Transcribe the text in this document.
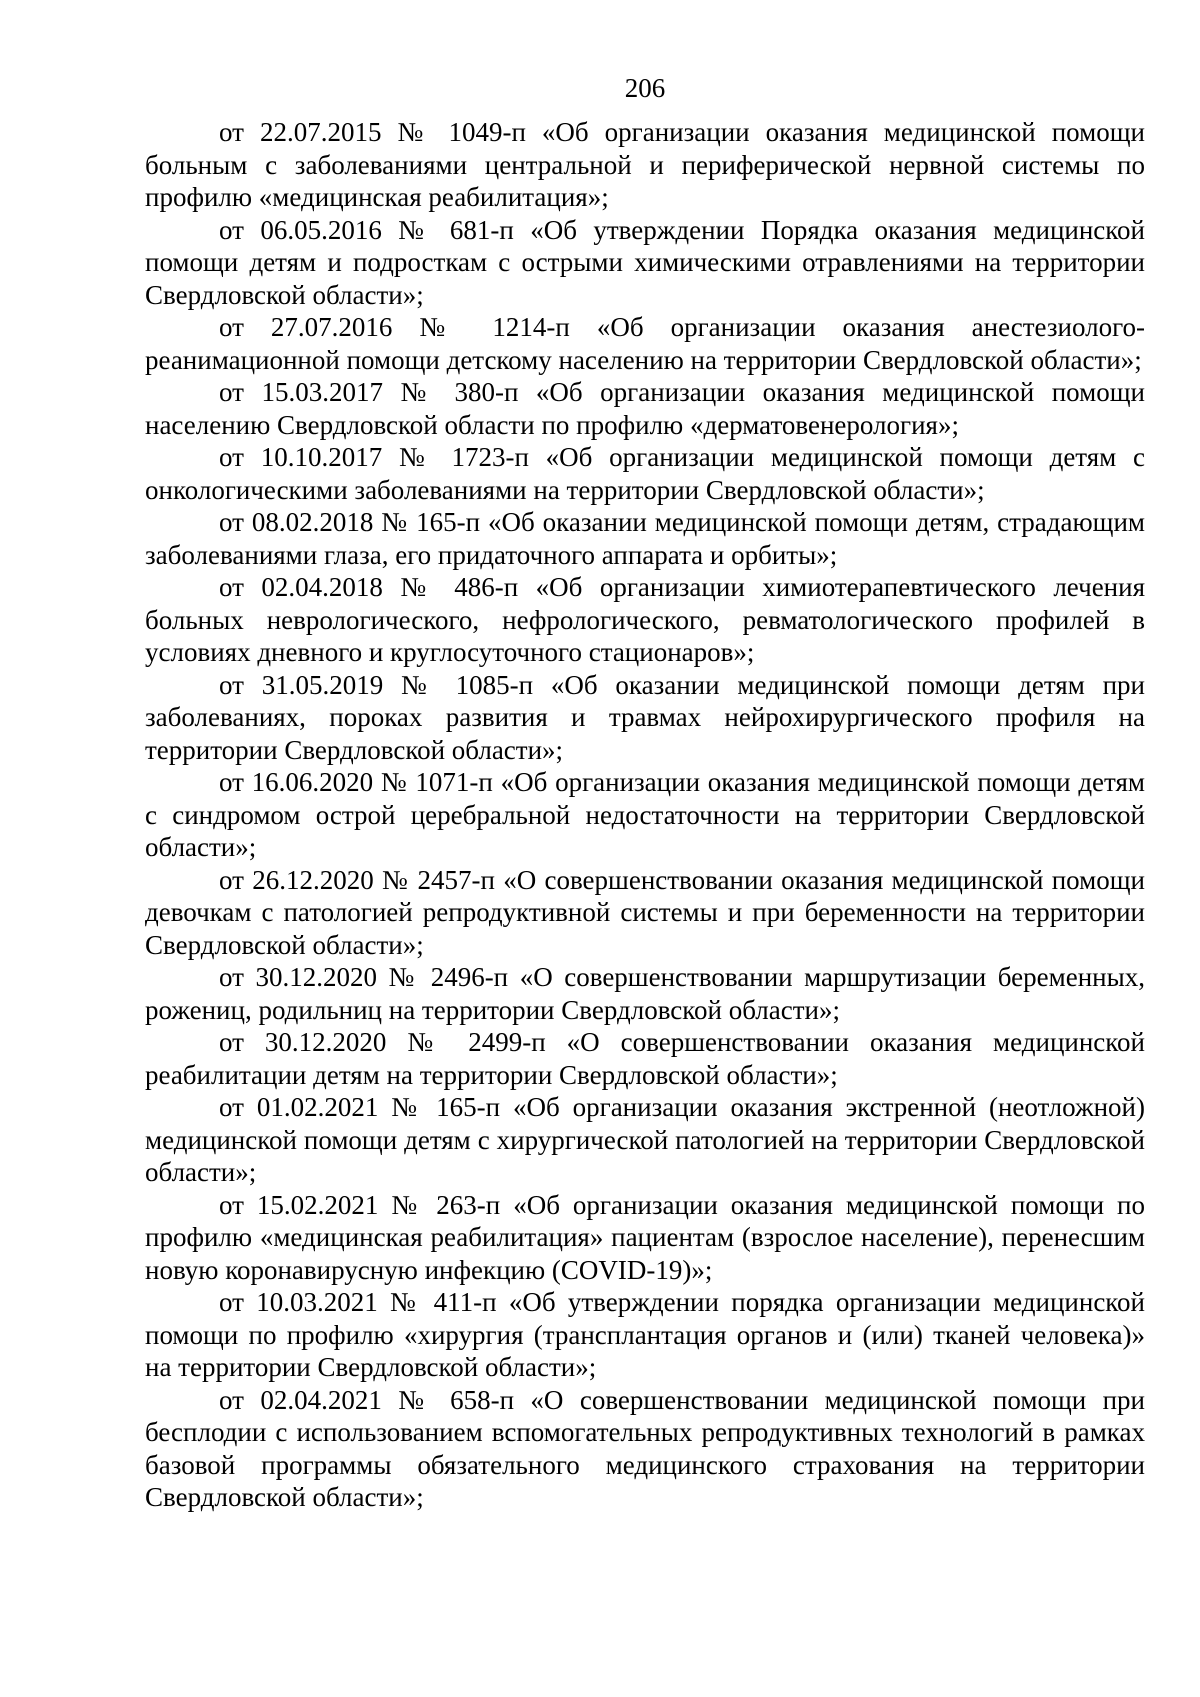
206

от 22.07.2015 № 1049-п «Об организации оказания медицинской помощи больным с заболеваниями центральной и периферической нервной системы по профилю «медицинская реабилитация»;

от 06.05.2016 № 681-п «Об утверждении Порядка оказания медицинской помощи детям и подросткам с острыми химическими отравлениями на территории Свердловской области»;

от 27.07.2016 № 1214-п «Об организации оказания анестезиолого-реанимационной помощи детскому населению на территории Свердловской области»;

от 15.03.2017 № 380-п «Об организации оказания медицинской помощи населению Свердловской области по профилю «дерматовенерология»;

от 10.10.2017 № 1723-п «Об организации медицинской помощи детям с онкологическими заболеваниями на территории Свердловской области»;

от 08.02.2018 № 165-п «Об оказании медицинской помощи детям, страдающим заболеваниями глаза, его придаточного аппарата и орбиты»;

от 02.04.2018 № 486-п «Об организации химиотерапевтического лечения больных неврологического, нефрологического, ревматологического профилей в условиях дневного и круглосуточного стационаров»;

от 31.05.2019 № 1085-п «Об оказании медицинской помощи детям при заболеваниях, пороках развития и травмах нейрохирургического профиля на территории Свердловской области»;

от 16.06.2020 № 1071-п «Об организации оказания медицинской помощи детям с синдромом острой церебральной недостаточности на территории Свердловской области»;

от 26.12.2020 № 2457-п «О совершенствовании оказания медицинской помощи девочкам с патологией репродуктивной системы и при беременности на территории Свердловской области»;

от 30.12.2020 № 2496-п «О совершенствовании маршрутизации беременных, рожениц, родильниц на территории Свердловской области»;

от 30.12.2020 № 2499-п «О совершенствовании оказания медицинской реабилитации детям на территории Свердловской области»;

от 01.02.2021 № 165-п «Об организации оказания экстренной (неотложной) медицинской помощи детям с хирургической патологией на территории Свердловской области»;

от 15.02.2021 № 263-п «Об организации оказания медицинской помощи по профилю «медицинская реабилитация» пациентам (взрослое население), перенесшим новую коронавирусную инфекцию (COVID-19)»;

от 10.03.2021 № 411-п «Об утверждении порядка организации медицинской помощи по профилю «хирургия (трансплантация органов и (или) тканей человека)» на территории Свердловской области»;

от 02.04.2021 № 658-п «О совершенствовании медицинской помощи при бесплодии с использованием вспомогательных репродуктивных технологий в рамках базовой программы обязательного медицинского страхования на территории Свердловской области»;
